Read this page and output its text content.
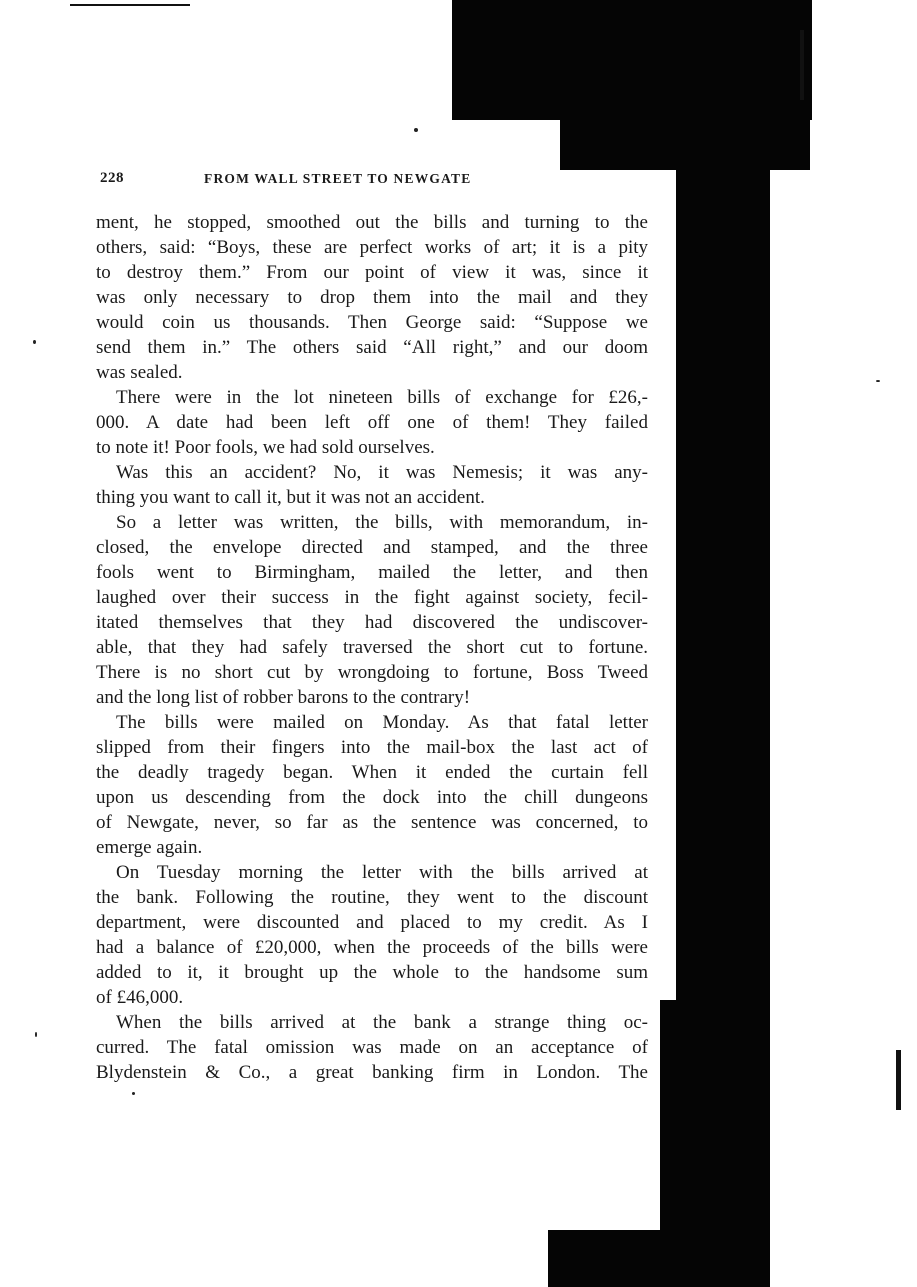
228	FROM WALL STREET TO NEWGATE
ment, he stopped, smoothed out the bills and turning to the
others, said: “Boys, these are perfect works of art; it is a pity
to destroy them.” From our point of view it was, since it
was only necessary to drop them into the mail and they
would coin us thousands. Then George said: “Suppose we
send them in.” The others said “All right,” and our doom
was sealed.
There were in the lot nineteen bills of exchange for £26,-
000. A date had been left off one of them! They failed
to note it! Poor fools, we had sold ourselves.
Was this an accident? No, it was Nemesis; it was any-
thing you want to call it, but it was not an accident.
So a letter was written, the bills, with memorandum, in-
closed, the envelope directed and stamped, and the three
fools went to Birmingham, mailed the letter, and then
laughed over their success in the fight against society, fecil-
itated themselves that they had discovered the undiscover-
able, that they had safely traversed the short cut to fortune.
There is no short cut by wrongdoing to fortune, Boss Tweed
and the long list of robber barons to the contrary!
The bills were mailed on Monday. As that fatal letter
slipped from their fingers into the mail-box the last act of
the deadly tragedy began. When it ended the curtain fell
upon us descending from the dock into the chill dungeons
of Newgate, never, so far as the sentence was concerned, to
emerge again.
On Tuesday morning the letter with the bills arrived at
the bank. Following the routine, they went to the discount
department, were discounted and placed to my credit. As I
had a balance of £20,000, when the proceeds of the bills were
added to it, it brought up the whole to the handsome sum
of £46,000.
When the bills arrived at the bank a strange thing oc-
curred. The fatal omission was made on an acceptance of
Blydenstein & Co., a great banking firm in London. The
